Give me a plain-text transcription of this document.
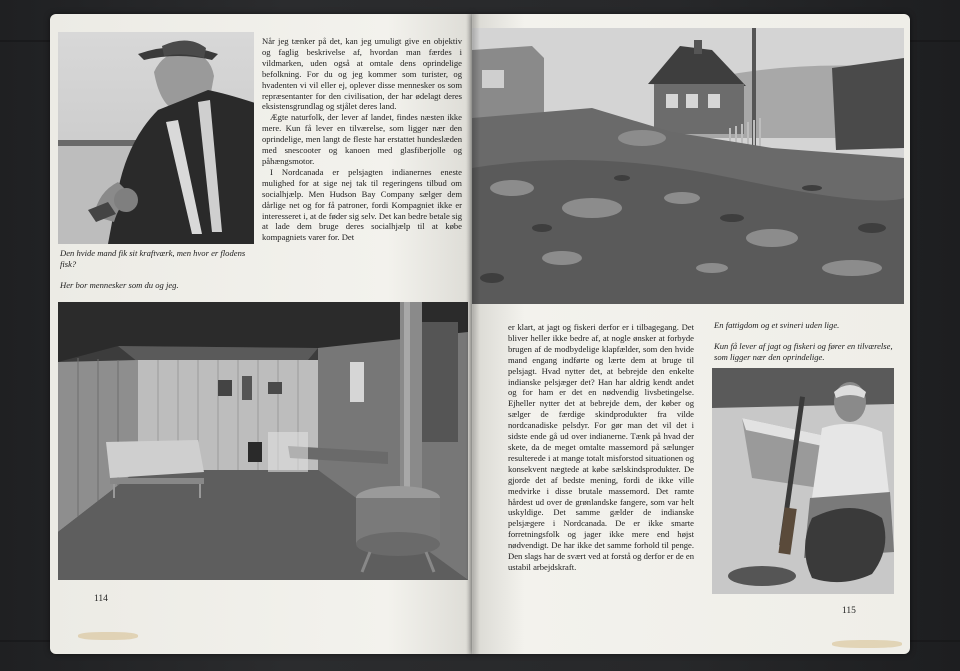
Den hvide mand fik sit kraftværk, men hvor er flodens fisk?

Her bor mennesker som du og jeg.

Når jeg tænker på det, kan jeg umuligt give en objektiv og faglig beskrivelse af, hvordan man færdes i vildmarken, uden også at omtale dens oprindelige befolkning. For du og jeg kommer som turister, og hvadenten vi vil eller ej, oplever disse mennesker os som repræsentanter for den civilisation, der har ødelagt deres eksistensgrundlag og stjålet deres land.

Ægte naturfolk, der lever af landet, findes næsten ikke mere. Kun få lever en tilværelse, som ligger nær den oprindelige, men langt de fleste har erstattet hundeslæden med snescooter og kanoen med glasfiberjolle og påhængsmotor.

I Nordcanada er pelsjagten indianernes eneste mulighed for at sige nej tak til regeringens tilbud om socialhjælp. Men Hudson Bay Company sælger dem dårlige net og for få patroner, fordi Kompagniet ikke er interesseret i, at de føder sig selv. Det kan bedre betale sig at lade dem bruge deres socialhjælp til at købe kompagniets varer for. Det

114

er klart, at jagt og fiskeri derfor er i tilbagegang. Det bliver heller ikke bedre af, at nogle ønsker at forbyde brugen af de modbydelige klapfælder, som den hvide mand engang indførte og lærte dem at bruge til pelsjagt. Hvad nytter det, at bebrejde den enkelte indianske pelsjæger det? Han har aldrig kendt andet og for ham er det en nødvendig livsbetingelse. Ejheller nytter det at bebrejde dem, der køber og sælger de færdige skindprodukter fra vilde nordcanadiske pelsdyr. For gør man det vil det i sidste ende gå ud over indianerne. Tænk på hvad der skete, da de meget omtalte massemord på sælunger resulterede i at mange totalt misforstod situationen og konsekvent nægtede at købe sælskindsprodukter. De gjorde det af bedste mening, fordi de ikke ville medvirke i disse brutale massemord. Det ramte hårdest ud over de grønlandske fangere, som var helt uskyldige. Det samme gælder de indianske pelsjægere i Nordcanada. De er ikke smarte forretningsfolk og jager ikke mere end højst nødvendigt. De har ikke det samme forhold til penge. Den slags har de svært ved at forstå og derfor er de en ustabil arbejdskraft.

En fattigdom og et svineri uden lige.

Kun få lever af jagt og fiskeri og fører en tilværelse, som ligger nær den oprindelige.

115
